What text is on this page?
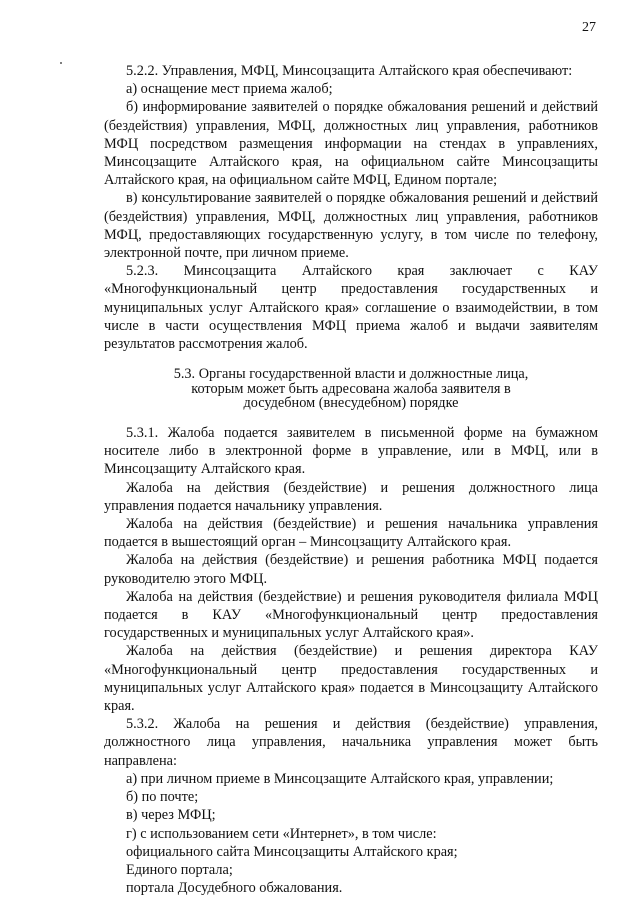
27

5.2.2. Управления, МФЦ, Минсоцзащита Алтайского края обеспечивают:

а) оснащение мест приема жалоб;

б) информирование заявителей о порядке обжалования решений и действий (бездействия) управления, МФЦ, должностных лиц управления, работников МФЦ посредством размещения информации на стендах в управлениях, Минсоцзащите Алтайского края, на официальном сайте Минсоцзащиты Алтайского края, на официальном сайте МФЦ, Едином портале;

в) консультирование заявителей о порядке обжалования решений и действий (бездействия) управления, МФЦ, должностных лиц управления, работников МФЦ, предоставляющих государственную услугу, в том числе по телефону, электронной почте, при личном приеме.

5.2.3. Минсоцзащита Алтайского края заключает с КАУ «Многофункциональный центр предоставления государственных и муниципальных услуг Алтайского края» соглашение о взаимодействии, в том числе в части осуществления МФЦ приема жалоб и выдачи заявителям результатов рассмотрения жалоб.

5.3. Органы государственной власти и должностные лица, которым может быть адресована жалоба заявителя в досудебном (внесудебном) порядке

5.3.1. Жалоба подается заявителем в письменной форме на бумажном носителе либо в электронной форме в управление, или в МФЦ, или в Минсоцзащиту Алтайского края.

Жалоба на действия (бездействие) и решения должностного лица управления подается начальнику управления.

Жалоба на действия (бездействие) и решения начальника управления подается в вышестоящий орган – Минсоцзащиту Алтайского края.

Жалоба на действия (бездействие) и решения работника МФЦ подается руководителю этого МФЦ.

Жалоба на действия (бездействие) и решения руководителя филиала МФЦ подается в КАУ «Многофункциональный центр предоставления государственных и муниципальных услуг Алтайского края».

Жалоба на действия (бездействие) и решения директора КАУ «Многофункциональный центр предоставления государственных и муниципальных услуг Алтайского края» подается в Минсоцзащиту Алтайского края.

5.3.2. Жалоба на решения и действия (бездействие) управления, должностного лица управления, начальника управления может быть направлена:

а) при личном приеме в Минсоцзащите Алтайского края, управлении;

б) по почте;

в) через МФЦ;

г) с использованием сети «Интернет», в том числе:

официального сайта Минсоцзащиты Алтайского края;

Единого портала;

портала Досудебного обжалования.
